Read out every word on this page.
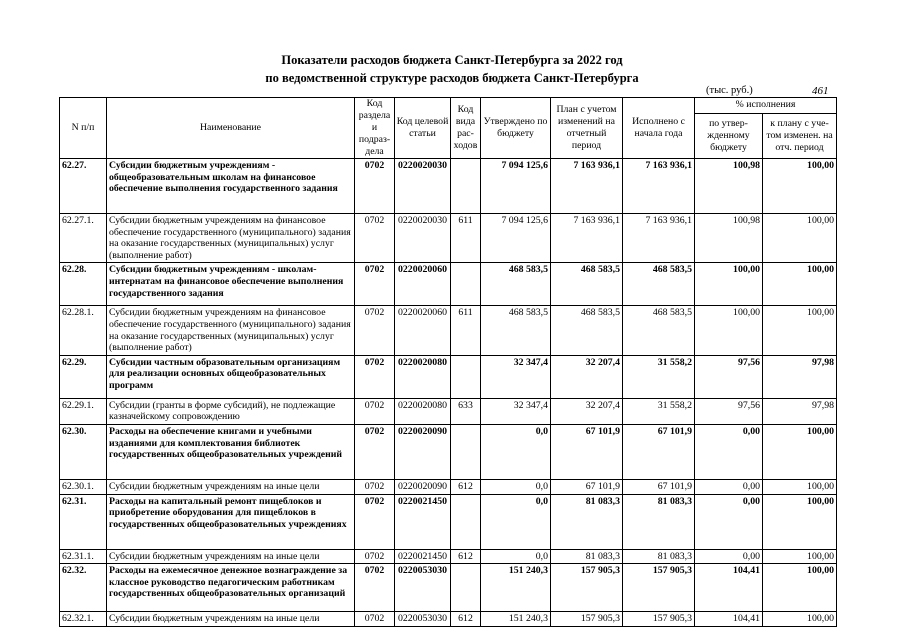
Показатели расходов бюджета Санкт-Петербурга за 2022 год
по ведомственной структуре расходов бюджета Санкт-Петербурга
(тыс. руб.)	461
N п/п	Наименование	Код раздела и подраз-дела	Код целевой статьи	Код вида рас-ходов	Утверждено по бюджету	План с учетом изменений на отчетный период	Исполнено с начала года	% исполнения	
								по утвер-жденному бюджету	к плану с уче-том изменен. на отч. период
62.27.	Субсидии бюджетным учреждениям - общеобразовательным школам на финансовое обеспечение выполнения государственного задания	0702	0220020030		7 094 125,6	7 163 936,1	7 163 936,1	100,98	100,00
62.27.1.	Субсидии бюджетным учреждениям на финансовое обеспечение государственного (муниципального) задания на оказание государственных (муниципальных) услуг (выполнение работ)	0702	0220020030	611	7 094 125,6	7 163 936,1	7 163 936,1	100,98	100,00
62.28.	Субсидии бюджетным учреждениям - школам-интернатам на финансовое обеспечение выполнения государственного задания	0702	0220020060		468 583,5	468 583,5	468 583,5	100,00	100,00
62.28.1.	Субсидии бюджетным учреждениям на финансовое обеспечение государственного (муниципального) задания на оказание государственных (муниципальных) услуг (выполнение работ)	0702	0220020060	611	468 583,5	468 583,5	468 583,5	100,00	100,00
62.29.	Субсидии частным образовательным организациям для реализации основных общеобразовательных программ	0702	0220020080		32 347,4	32 207,4	31 558,2	97,56	97,98
62.29.1.	Субсидии (гранты в форме субсидий), не подлежащие казначейскому сопровождению	0702	0220020080	633	32 347,4	32 207,4	31 558,2	97,56	97,98
62.30.	Расходы на обеспечение книгами и учебными изданиями для комплектования библиотек государственных общеобразовательных учреждений	0702	0220020090		0,0	67 101,9	67 101,9	0,00	100,00
62.30.1.	Субсидии бюджетным учреждениям на иные цели	0702	0220020090	612	0,0	67 101,9	67 101,9	0,00	100,00
62.31.	Расходы на капитальный ремонт пищеблоков и приобретение оборудования для пищеблоков в государственных общеобразовательных учреждениях	0702	0220021450		0,0	81 083,3	81 083,3	0,00	100,00
62.31.1.	Субсидии бюджетным учреждениям на иные цели	0702	0220021450	612	0,0	81 083,3	81 083,3	0,00	100,00
62.32.	Расходы на ежемесячное денежное вознаграждение за классное руководство педагогическим работникам государственных общеобразовательных организаций	0702	0220053030		151 240,3	157 905,3	157 905,3	104,41	100,00
62.32.1.	Субсидии бюджетным учреждениям на иные цели	0702	0220053030	612	151 240,3	157 905,3	157 905,3	104,41	100,00
